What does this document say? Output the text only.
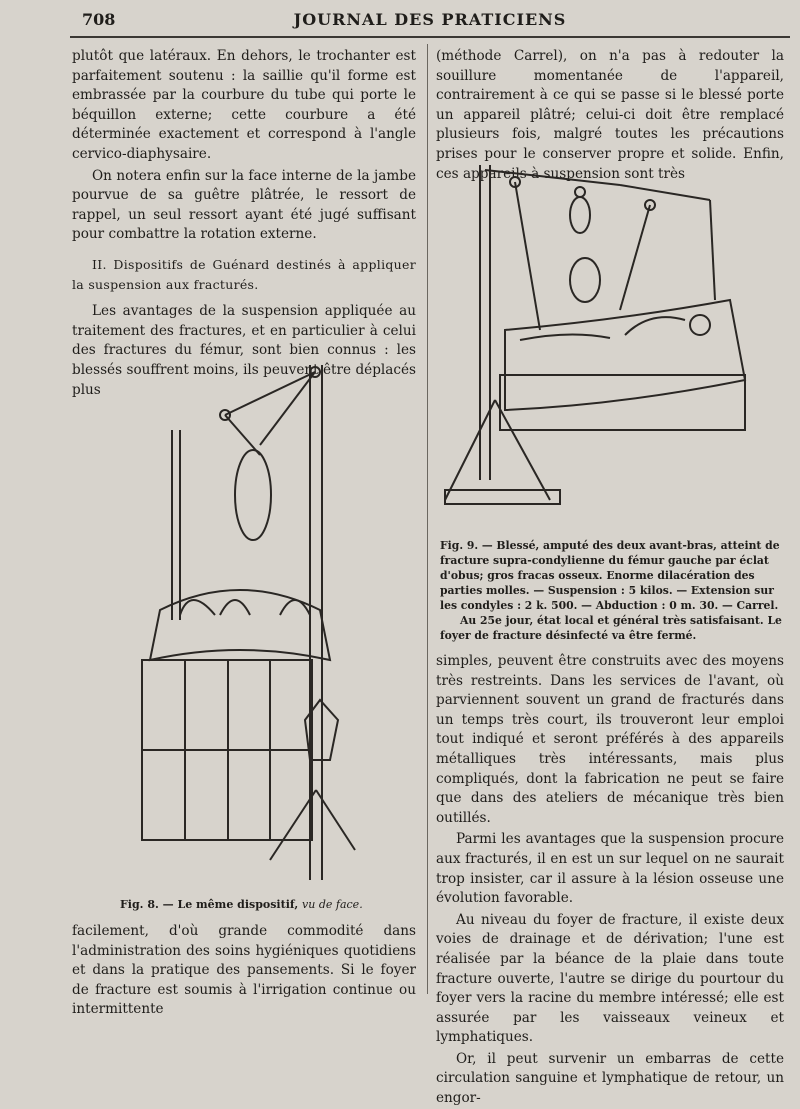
708	JOURNAL DES PRATICIENS

plutôt que latéraux. En dehors, le trochanter est parfaitement soutenu : la saillie qu'il forme est embrassée par la courbure du tube qui porte le béquillon externe; cette courbure a été déterminée exactement et correspond à l'angle cervico-diaphysaire.

On notera enfin sur la face interne de la jambe pourvue de sa guêtre plâtrée, le ressort de rappel, un seul ressort ayant été jugé suffisant pour combattre la rotation externe.

II. Dispositifs de Guénard destinés à appliquer la suspension aux fracturés.

Les avantages de la suspension appliquée au traitement des fractures, et en particulier à celui des fractures du fémur, sont bien connus : les blessés souffrent moins, ils peuvent être déplacés plus

Fig. 8. — Le même dispositif, vu de face.

facilement, d'où grande commodité dans l'administration des soins hygiéniques quotidiens et dans la pratique des pansements. Si le foyer de fracture est soumis à l'irrigation continue ou intermittente

(méthode Carrel), on n'a pas à redouter la souillure momentanée de l'appareil, contrairement à ce qui se passe si le blessé porte un appareil plâtré; celui-ci doit être remplacé plusieurs fois, malgré toutes les précautions prises pour le conserver propre et solide. Enfin, ces appareils à suspension sont très

Fig. 9. — Blessé, amputé des deux avant-bras, atteint de fracture supra-condylienne du fémur gauche par éclat d'obus; gros fracas osseux. Enorme dilacération des parties molles. — Suspension : 5 kilos. — Extension sur les condyles : 2 k. 500. — Abduction : 0 m. 30. — Carrel.

Au 25e jour, état local et général très satisfaisant. Le foyer de fracture désinfecté va être fermé.

simples, peuvent être construits avec des moyens très restreints. Dans les services de l'avant, où parviennent souvent un grand de fracturés dans un temps très court, ils trouveront leur emploi tout indiqué et seront préférés à des appareils métalliques très intéressants, mais plus compliqués, dont la fabrication ne peut se faire que dans des ateliers de mécanique très bien outillés.

Parmi les avantages que la suspension procure aux fracturés, il en est un sur lequel on ne saurait trop insister, car il assure à la lésion osseuse une évolution favorable.

Au niveau du foyer de fracture, il existe deux voies de drainage et de dérivation; l'une est réalisée par la béance de la plaie dans toute fracture ouverte, l'autre se dirige du pourtour du foyer vers la racine du membre intéressé; elle est assurée par les vaisseaux veineux et lymphatiques.

Or, il peut survenir un embarras de cette circulation sanguine et lymphatique de retour, un engor-
